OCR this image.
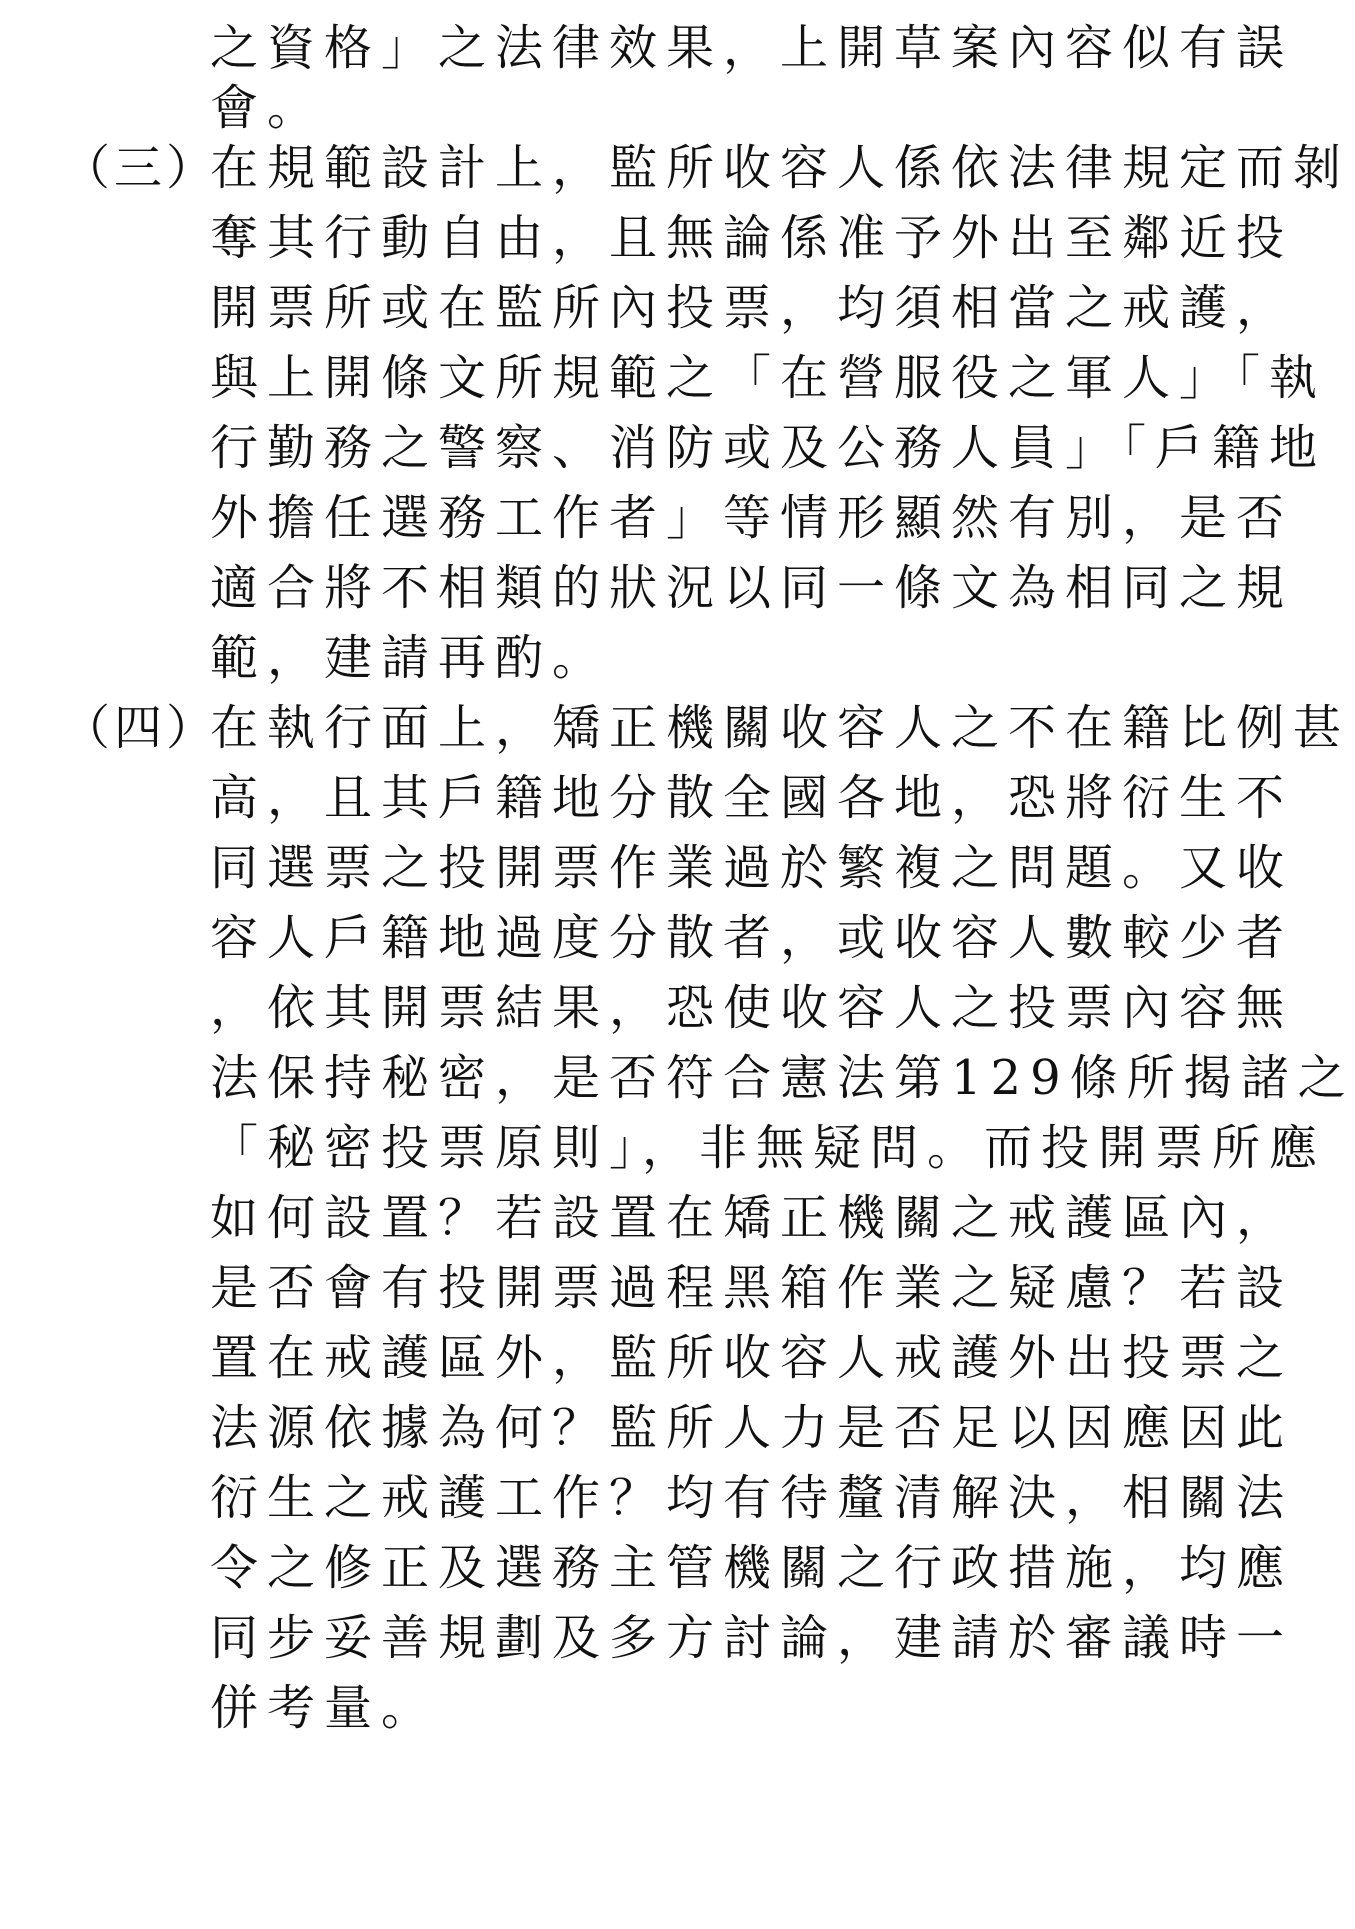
之資格」之法律效果，上開草案內容似有誤
會。
（三）
在規範設計上，監所收容人係依法律規定而剝
奪其行動自由，且無論係准予外出至鄰近投
開票所或在監所內投票，均須相當之戒護，
與上開條文所規範之「在營服役之軍人」「執
行勤務之警察、消防或及公務人員」「戶籍地
外擔任選務工作者」等情形顯然有別，是否
適合將不相類的狀況以同一條文為相同之規
範，建請再酌。
（四）
在執行面上，矯正機關收容人之不在籍比例甚
高，且其戶籍地分散全國各地，恐將衍生不
同選票之投開票作業過於繁複之問題。又收
容人戶籍地過度分散者，或收容人數較少者
，依其開票結果，恐使收容人之投票內容無
法保持秘密，是否符合憲法第129條所揭諸之
「秘密投票原則」，非無疑問。而投開票所應
如何設置？若設置在矯正機關之戒護區內，
是否會有投開票過程黑箱作業之疑慮？若設
置在戒護區外，監所收容人戒護外出投票之
法源依據為何？監所人力是否足以因應因此
衍生之戒護工作？均有待釐清解決，相關法
令之修正及選務主管機關之行政措施，均應
同步妥善規劃及多方討論，建請於審議時一
併考量。
